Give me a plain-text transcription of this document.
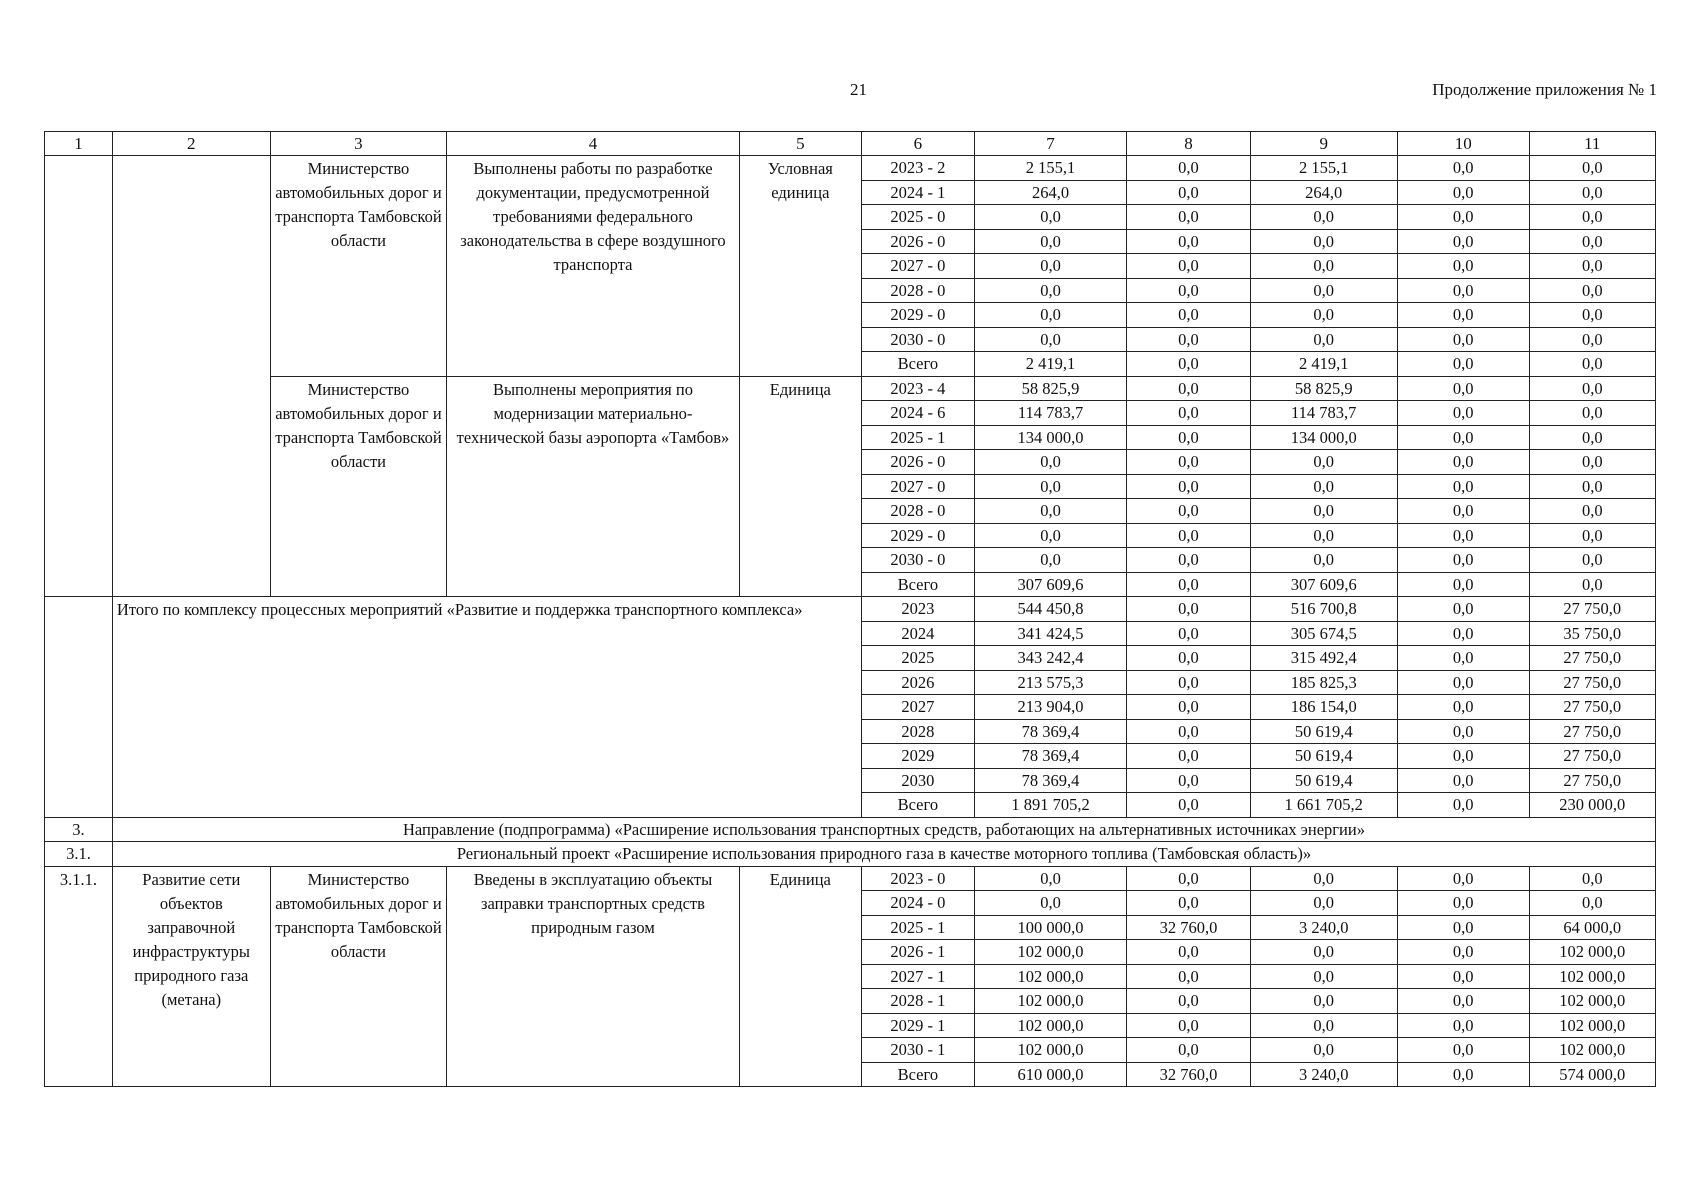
21	Продолжение приложения № 1
1	2	3	4	5	6	7	8	9	10	11
		Министерство автомобильных дорог и транспорта Тамбовской области	Выполнены работы по разработке документации, предусмотренной требованиями федерального законодательства в сфере воздушного транспорта	Условная единица	2023 - 2	2 155,1	0,0	2 155,1	0,0	0,0
					2024 - 1	264,0	0,0	264,0	0,0	0,0
					2025 - 0	0,0	0,0	0,0	0,0	0,0
					2026 - 0	0,0	0,0	0,0	0,0	0,0
					2027 - 0	0,0	0,0	0,0	0,0	0,0
					2028 - 0	0,0	0,0	0,0	0,0	0,0
					2029 - 0	0,0	0,0	0,0	0,0	0,0
					2030 - 0	0,0	0,0	0,0	0,0	0,0
					Всего	2 419,1	0,0	2 419,1	0,0	0,0
		Министерство автомобильных дорог и транспорта Тамбовской области	Выполнены мероприятия по модернизации материально-технической базы аэропорта «Тамбов»	Единица	2023 - 4	58 825,9	0,0	58 825,9	0,0	0,0
					2024 - 6	114 783,7	0,0	114 783,7	0,0	0,0
					2025 - 1	134 000,0	0,0	134 000,0	0,0	0,0
					2026 - 0	0,0	0,0	0,0	0,0	0,0
					2027 - 0	0,0	0,0	0,0	0,0	0,0
					2028 - 0	0,0	0,0	0,0	0,0	0,0
					2029 - 0	0,0	0,0	0,0	0,0	0,0
					2030 - 0	0,0	0,0	0,0	0,0	0,0
					Всего	307 609,6	0,0	307 609,6	0,0	0,0
	Итого по комплексу процессных мероприятий «Развитие и поддержка транспортного комплекса»				2023	544 450,8	0,0	516 700,8	0,0	27 750,0
					2024	341 424,5	0,0	305 674,5	0,0	35 750,0
					2025	343 242,4	0,0	315 492,4	0,0	27 750,0
					2026	213 575,3	0,0	185 825,3	0,0	27 750,0
					2027	213 904,0	0,0	186 154,0	0,0	27 750,0
					2028	78 369,4	0,0	50 619,4	0,0	27 750,0
					2029	78 369,4	0,0	50 619,4	0,0	27 750,0
					2030	78 369,4	0,0	50 619,4	0,0	27 750,0
					Всего	1 891 705,2	0,0	1 661 705,2	0,0	230 000,0
3.	Направление (подпрограмма) «Расширение использования транспортных средств, работающих на альтернативных источниках энергии»									
3.1.	Региональный проект «Расширение использования природного газа в качестве моторного топлива (Тамбовская область)»									
3.1.1.	Развитие сети объектов заправочной инфраструктуры природного газа (метана)	Министерство автомобильных дорог и транспорта Тамбовской области	Введены в эксплуатацию объекты заправки транспортных средств природным газом	Единица	2023 - 0	0,0	0,0	0,0	0,0	0,0
					2024 - 0	0,0	0,0	0,0	0,0	0,0
					2025 - 1	100 000,0	32 760,0	3 240,0	0,0	64 000,0
					2026 - 1	102 000,0	0,0	0,0	0,0	102 000,0
					2027 - 1	102 000,0	0,0	0,0	0,0	102 000,0
					2028 - 1	102 000,0	0,0	0,0	0,0	102 000,0
					2029 - 1	102 000,0	0,0	0,0	0,0	102 000,0
					2030 - 1	102 000,0	0,0	0,0	0,0	102 000,0
					Всего	610 000,0	32 760,0	3 240,0	0,0	574 000,0
